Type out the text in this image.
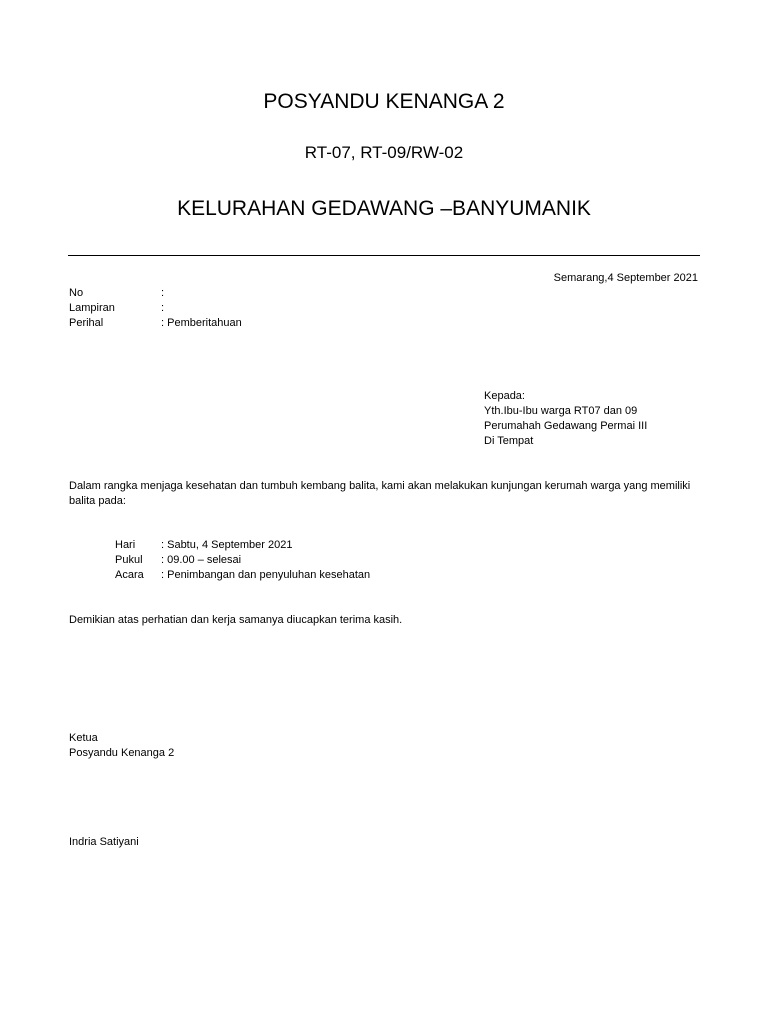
POSYANDU KENANGA 2
RT-07, RT-09/RW-02
KELURAHAN GEDAWANG –BANYUMANIK
Semarang,4 September 2021
No	:
Lampiran	:
Perihal	: Pemberitahuan
Kepada:
Yth.Ibu-Ibu warga RT07 dan 09
Perumahah Gedawang Permai III
Di Tempat
Dalam rangka menjaga kesehatan dan tumbuh kembang balita, kami akan melakukan kunjungan kerumah warga yang memiliki balita pada:
Hari : Sabtu, 4 September 2021
Pukul : 09.00 – selesai
Acara : Penimbangan dan penyuluhan kesehatan
Demikian atas perhatian dan kerja samanya diucapkan terima kasih.
Ketua
Posyandu Kenanga 2
Indria Satiyani
